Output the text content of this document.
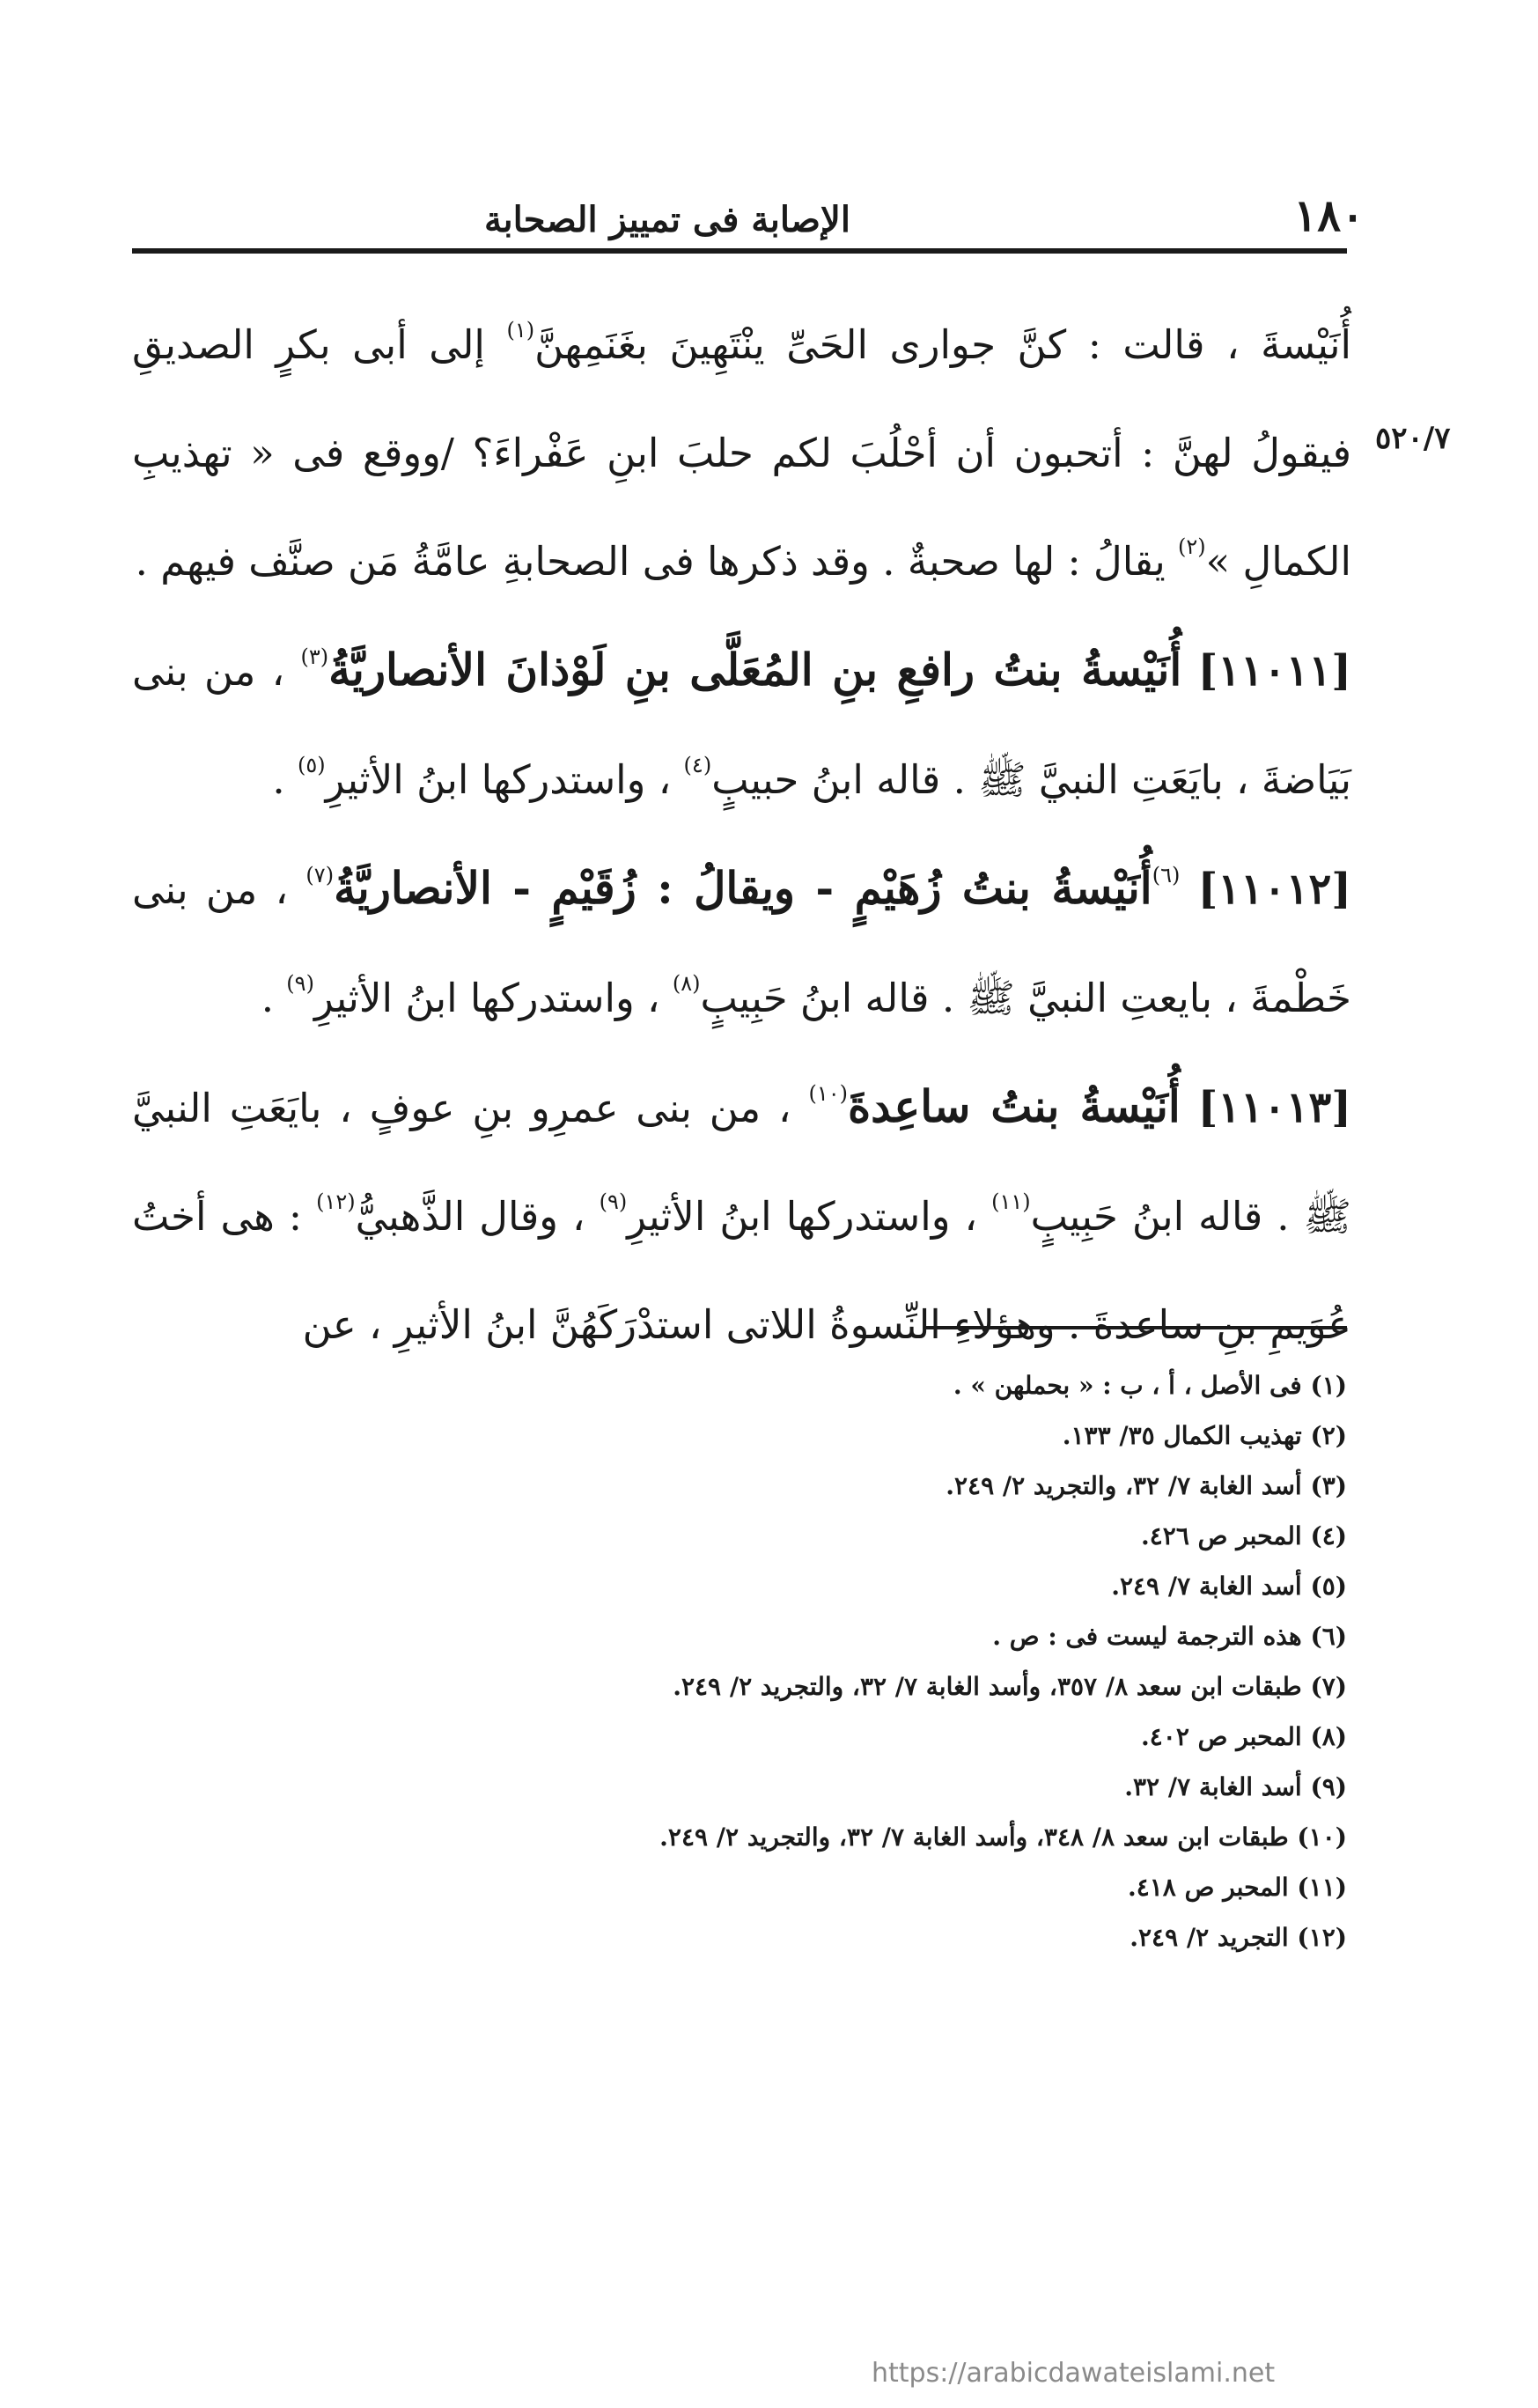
١٨٠
الإصابة فى تمييز الصحابة
٥٢٠/٧

أُنَيْسةَ ، قالت : كنَّ جوارى الحَىِّ ينْتَهِينَ بغَنَمِهنَّ$^{(١)}$ إلى أبى بكرٍ الصديقِ فيقولُ لهنَّ : أتحبون أن أحْلُبَ لكم حلبَ ابنِ عَفْراءَ؟ /ووقع فى « تهذيبِ الكمالِ »$^{(٢)}$ يقالُ : لها صحبةٌ . وقد ذكرها فى الصحابةِ عامَّةُ مَن صنَّف فيهم .

[١١٠١١] أُنَيْسةُ بنتُ رافعِ بنِ المُعَلَّى بنِ لَوْذانَ الأنصاريَّةُ$^{(٣)}$ ، من بنى بَيَاضةَ ، بايَعَتِ النبيَّ ﷺ . قاله ابنُ حبيبٍ$^{(٤)}$ ، واستدركها ابنُ الأثيرِ$^{(٥)}$ .

[١١٠١٢] $^{(٦)}$أُنَيْسةُ بنتُ زُهَيْمٍ - ويقالُ : زُقَيْمٍ - الأنصاريَّةُ$^{(٧)}$ ، من بنى خَطْمةَ ، بايعتِ النبيَّ ﷺ . قاله ابنُ حَبِيبٍ$^{(٨)}$ ، واستدركها ابنُ الأثيرِ$^{(٩)}$ .

[١١٠١٣] أُنَيْسةُ بنتُ ساعِدةَ$^{(١٠)}$ ، من بنى عمرِو بنِ عوفٍ ، بايَعَتِ النبيَّ ﷺ . قاله ابنُ حَبِيبٍ$^{(١١)}$ ، واستدركها ابنُ الأثيرِ$^{(٩)}$ ، وقال الذَّهبيُّ$^{(١٢)}$ : هى أختُ عُوَيمِ بنِ ساعدةَ . وهؤلاءِ النِّسوةُ اللاتى استدْرَكَهُنَّ ابنُ الأثيرِ ، عن

(١) فى الأصل ، أ ، ب : « بحملهن » .
(٢) تهذيب الكمال ٣٥/ ١٣٣.
(٣) أسد الغابة ٧/ ٣٢، والتجريد ٢/ ٢٤٩.
(٤) المحبر ص ٤٢٦.
(٥) أسد الغابة ٧/ ٢٤٩.
(٦) هذه الترجمة ليست فى : ص .
(٧) طبقات ابن سعد ٨/ ٣٥٧، وأسد الغابة ٧/ ٣٢، والتجريد ٢/ ٢٤٩.
(٨) المحبر ص ٤٠٢.
(٩) أسد الغابة ٧/ ٣٢.
(١٠) طبقات ابن سعد ٨/ ٣٤٨، وأسد الغابة ٧/ ٣٢، والتجريد ٢/ ٢٤٩.
(١١) المحبر ص ٤١٨.
(١٢) التجريد ٢/ ٢٤٩.
https://arabicdawateislami.net
